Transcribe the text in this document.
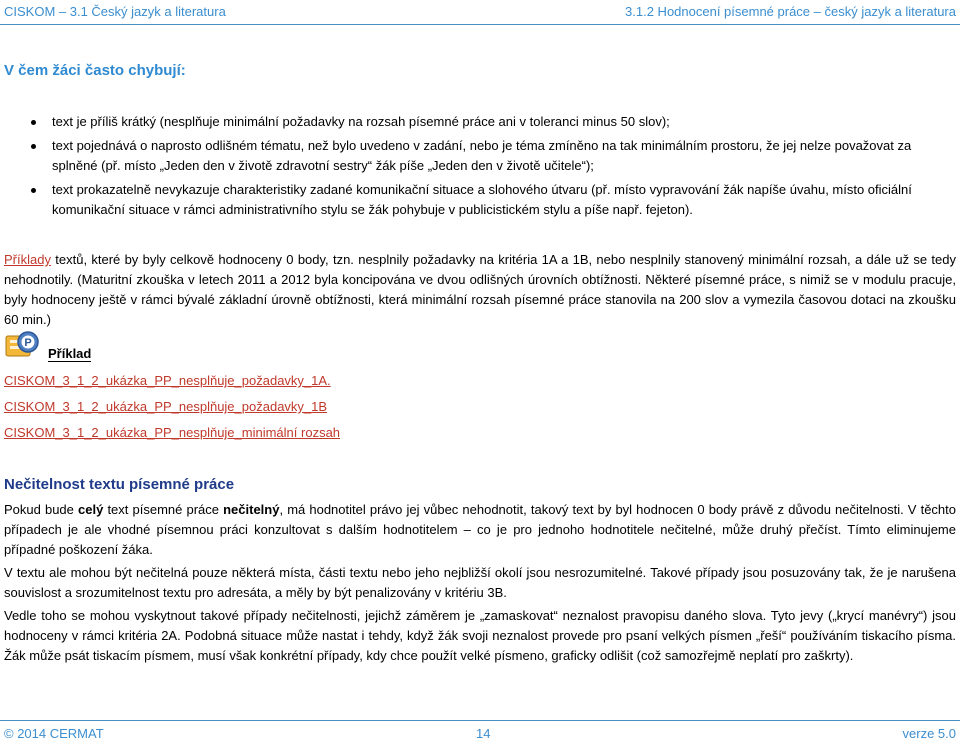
CISKOM – 3.1 Český jazyk a literatura	3.1.2 Hodnocení písemné práce – český jazyk a literatura
V čem žáci často chybují:
text je příliš krátký (nesplňuje minimální požadavky na rozsah písemné práce ani v toleranci minus 50 slov);
text pojednává o naprosto odlišném tématu, než bylo uvedeno v zadání, nebo je téma zmíněno na tak minimálním prostoru, že jej nelze považovat za splněné (př. místo „Jeden den v životě zdravotní sestry“ žák píše „Jeden den v životě učitele“);
text prokazatelně nevykazuje charakteristiky zadané komunikační situace a slohového útvaru (př. místo vypravování žák napíše úvahu, místo oficiální komunikační situace v rámci administrativního stylu se žák pohybuje v publicistickém stylu a píše např. fejeton).

Příklady textů, které by byly celkově hodnoceny 0 body, tzn. nesplnily požadavky na kritéria 1A a 1B, nebo nesplnily stanovený minimální rozsah, a dále už se tedy nehodnotily. (Maturitní zkouška v letech 2011 a 2012 byla koncipována ve dvou odlišných úrovních obtížnosti. Některé písemné práce, s nimiž se v modulu pracuje, byly hodnoceny ještě v rámci bývalé základní úrovně obtížnosti, která minimální rozsah písemné práce stanovila na 200 slov a vymezila časovou dotaci na zkoušku 60 min.)

P
Příklad

CISKOM_3_1_2_ukázka_PP_nesplňuje_požadavky_1A.

CISKOM_3_1_2_ukázka_PP_nesplňuje_požadavky_1B

CISKOM_3_1_2_ukázka_PP_nesplňuje_minimální rozsah

Nečitelnost textu písemné práce

Pokud bude celý text písemné práce nečitelný, má hodnotitel právo jej vůbec nehodnotit, takový text by byl hodnocen 0 body právě z důvodu nečitelnosti. V těchto případech je ale vhodné písemnou práci konzultovat s dalším hodnotitelem – co je pro jednoho hodnotitele nečitelné, může druhý přečíst. Tímto eliminujeme případné poškození žáka.

V textu ale mohou být nečitelná pouze některá místa, části textu nebo jeho nejbližší okolí jsou nesrozumitelné. Takové případy jsou posuzovány tak, že je narušena souvislost a srozumitelnost textu pro adresáta, a měly by být penalizovány v kritériu 3B.

Vedle toho se mohou vyskytnout takové případy nečitelnosti, jejichž záměrem je „zamaskovat“ neznalost pravopisu daného slova. Tyto jevy („krycí manévry“) jsou hodnoceny v rámci kritéria 2A. Podobná situace může nastat i tehdy, když žák svoji neznalost provede pro psaní velkých písmen „řeší“ používáním tiskacího písma. Žák může psát tiskacím písmem, musí však konkrétní případy, kdy chce použít velké písmeno, graficky odlišit (což samozřejmě neplatí pro zaškrty).

© 2014 CERMAT	14	verze 5.0
